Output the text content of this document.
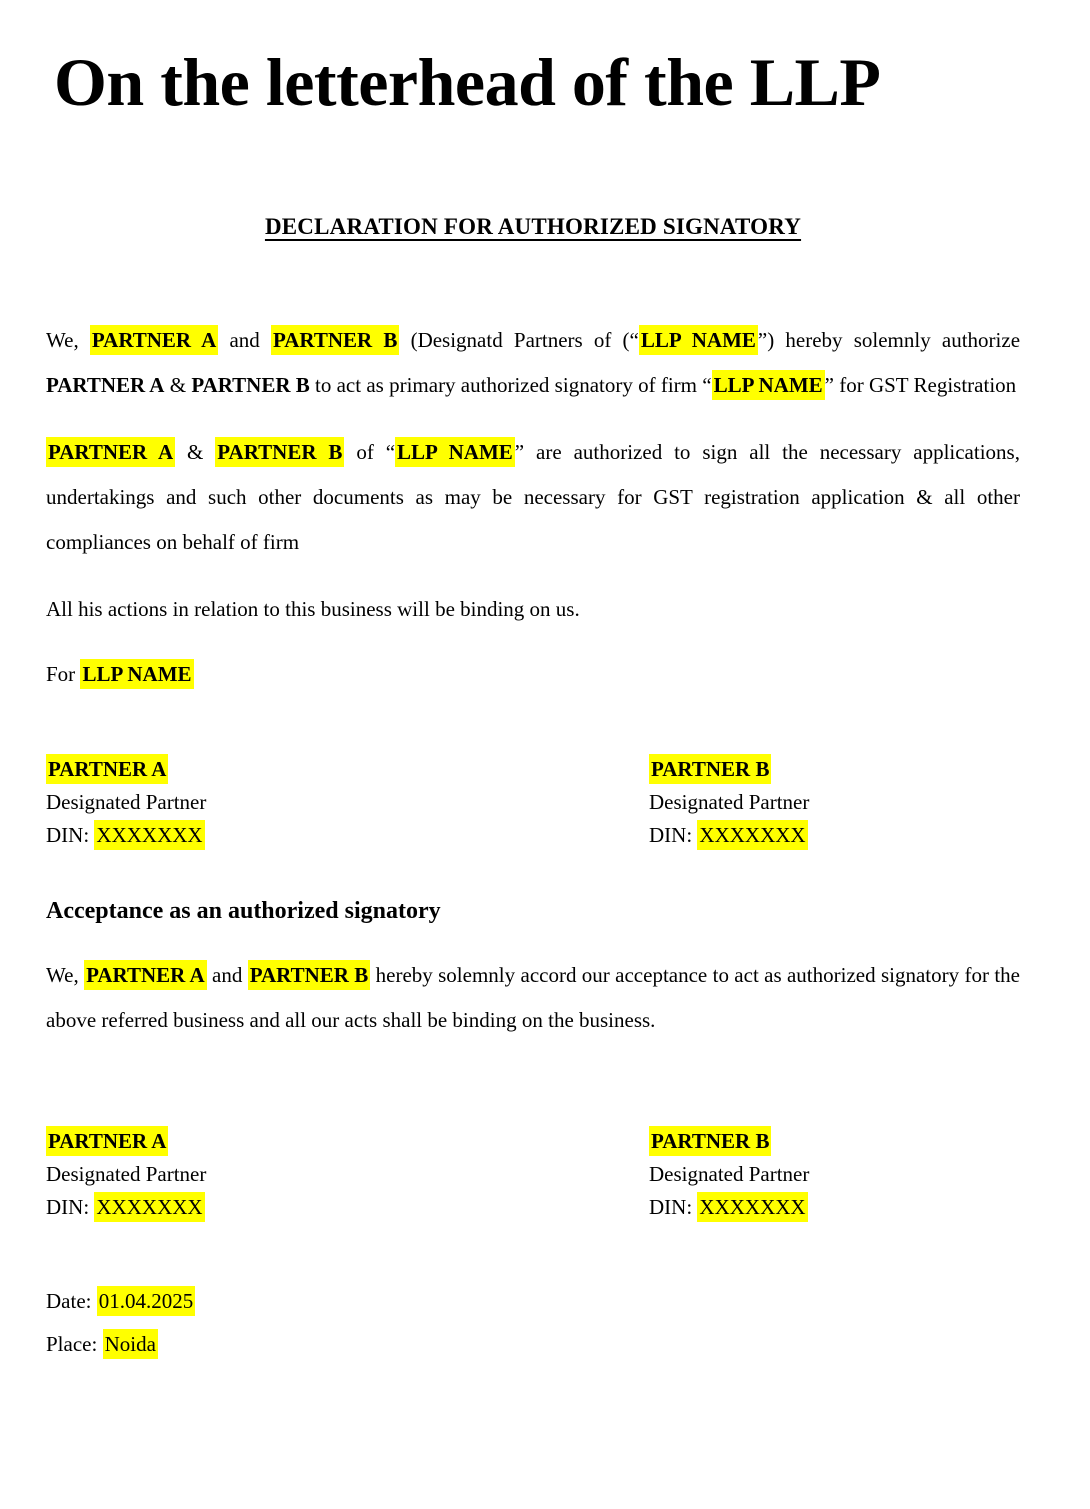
On the letterhead of the LLP
DECLARATION FOR AUTHORIZED SIGNATORY

We, PARTNER A and PARTNER B (Designatd Partners of (“LLP NAME”) hereby solemnly authorize PARTNER A & PARTNER B to act as primary authorized signatory of firm “LLP NAME” for GST Registration

PARTNER A & PARTNER B of “LLP NAME” are authorized to sign all the necessary applications, undertakings and such other documents as may be necessary for GST registration application & all other compliances on behalf of firm

All his actions in relation to this business will be binding on us.

For LLP NAME

PARTNER A

Designated Partner

DIN: XXXXXXX

PARTNER B

Designated Partner

DIN: XXXXXXX

Acceptance as an authorized signatory

We, PARTNER A and PARTNER B hereby solemnly accord our acceptance to act as authorized signatory for the above referred business and all our acts shall be binding on the business.

PARTNER A

Designated Partner

DIN: XXXXXXX

PARTNER B

Designated Partner

DIN: XXXXXXX

Date: 01.04.2025

Place: Noida
